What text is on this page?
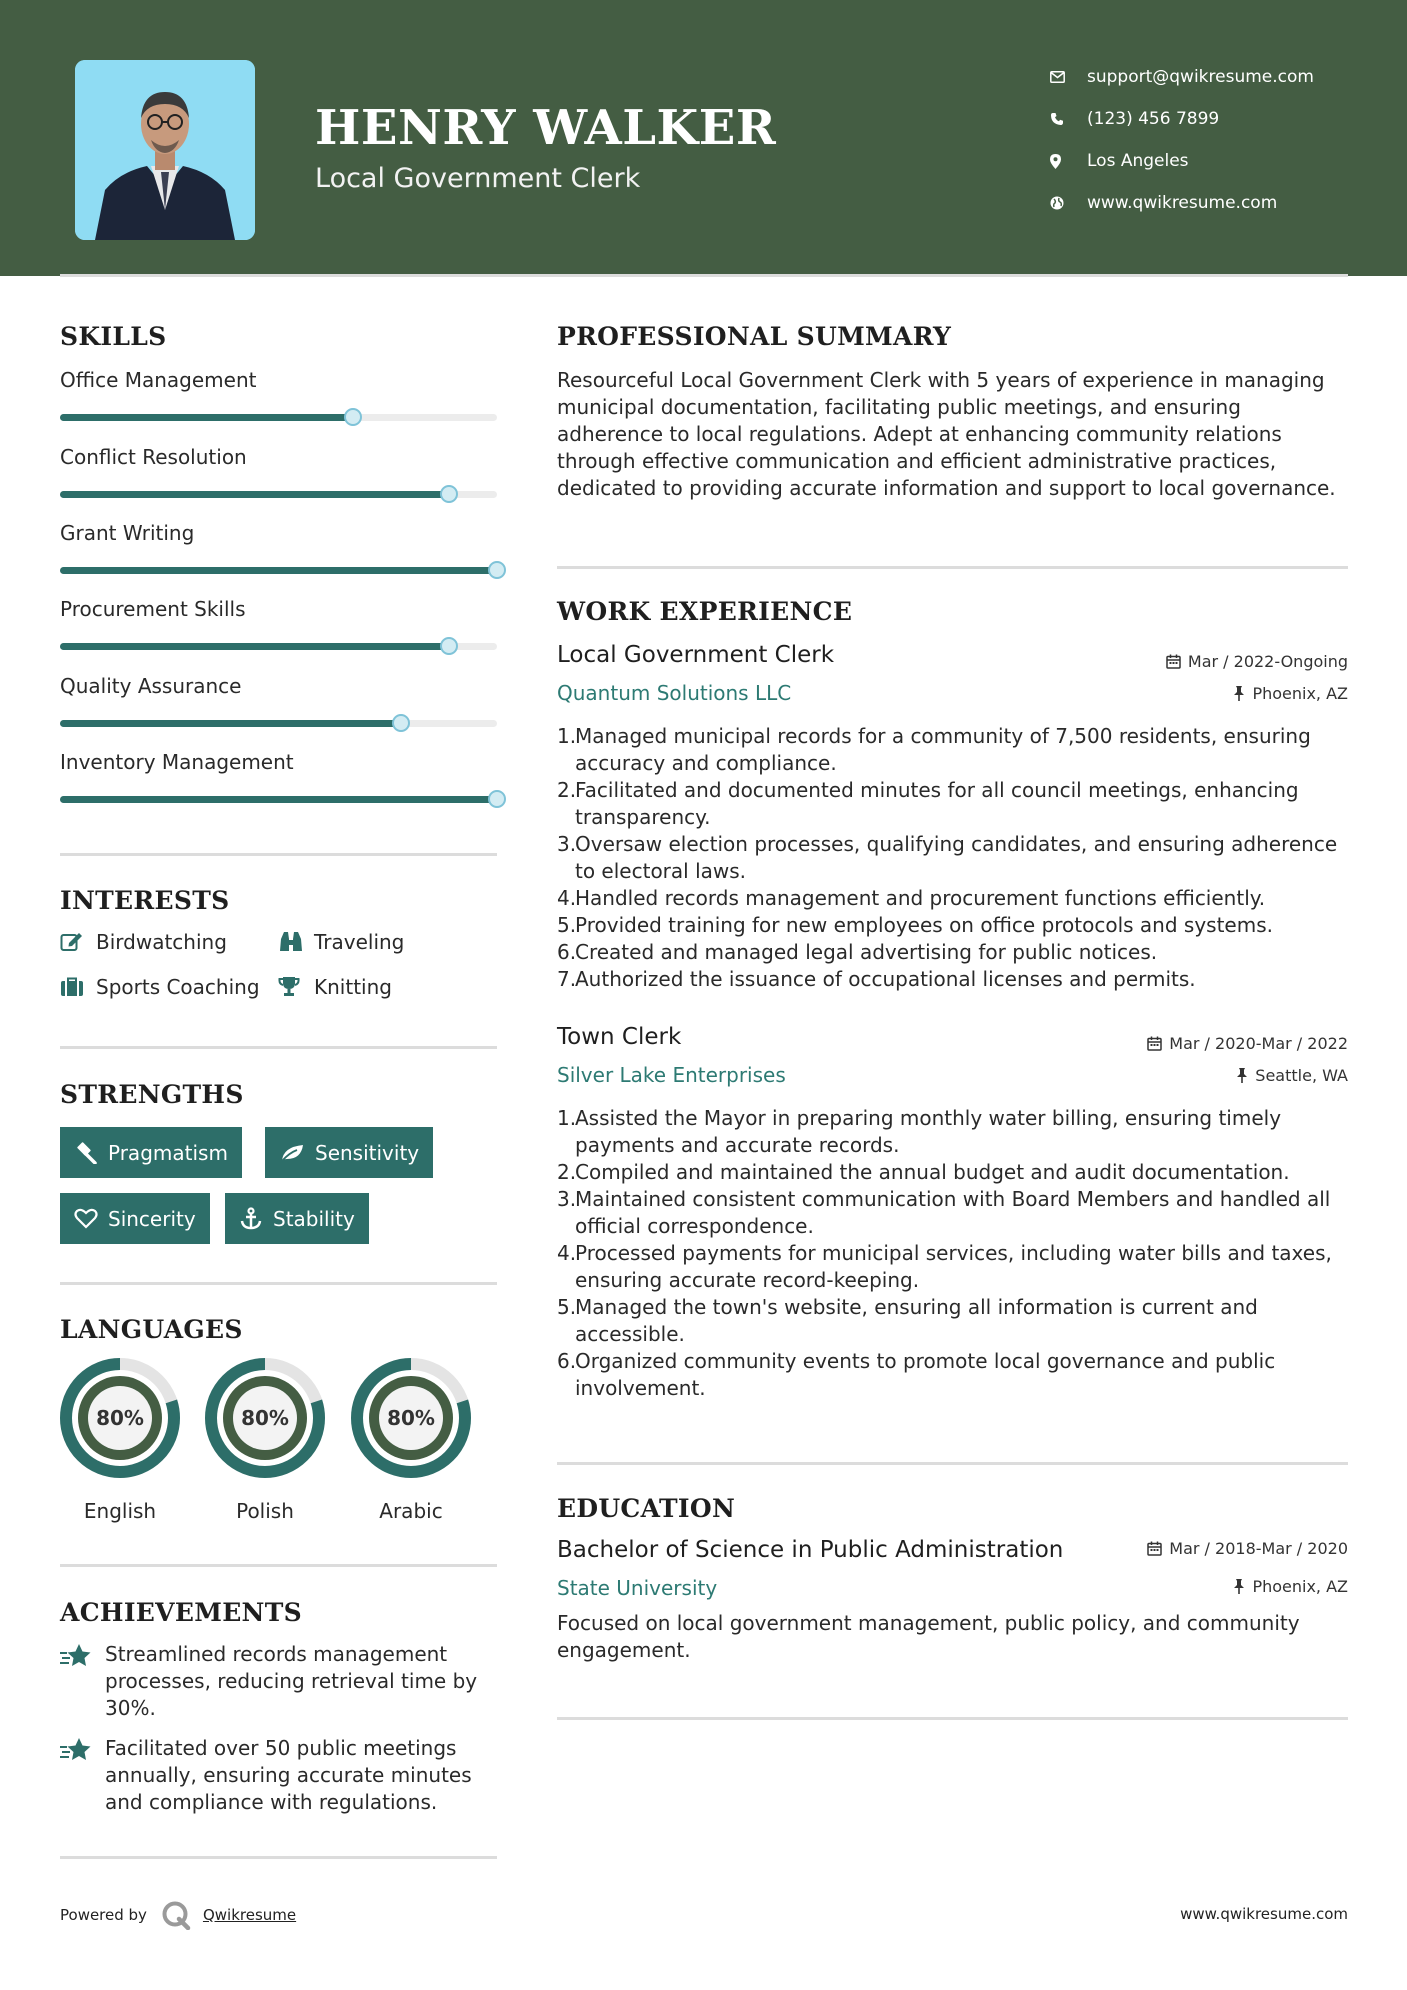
HENRY WALKER
Local Government Clerk
support@qwikresume.com
(123) 456 7899
Los Angeles
www.qwikresume.com
SKILLS
Office Management
Conflict Resolution
Grant Writing
Procurement Skills
Quality Assurance
Inventory Management
INTERESTS
Birdwatching	Traveling
Sports Coaching	Knitting
STRENGTHS
Pragmatism	Sensitivity
Sincerity	Stability
LANGUAGES
80%
English
80%
Polish
80%
Arabic
ACHIEVEMENTS
Streamlined records management processes, reducing retrieval time by 30%.
Facilitated over 50 public meetings annually, ensuring accurate minutes and compliance with regulations.
PROFESSIONAL SUMMARY
Resourceful Local Government Clerk with 5 years of experience in managing municipal documentation, facilitating public meetings, and ensuring adherence to local regulations. Adept at enhancing community relations through effective communication and efficient administrative practices, dedicated to providing accurate information and support to local governance.
WORK EXPERIENCE
Local Government Clerk	Mar / 2022-Ongoing
Quantum Solutions LLC	Phoenix, AZ
1.
Managed municipal records for a community of 7,500 residents, ensuring accuracy and compliance.
2.
Facilitated and documented minutes for all council meetings, enhancing transparency.
3.
Oversaw election processes, qualifying candidates, and ensuring adherence to electoral laws.
4.
Handled records management and procurement functions efficiently.
5.
Provided training for new employees on office protocols and systems.
6.
Created and managed legal advertising for public notices.
7.
Authorized the issuance of occupational licenses and permits.
Town Clerk	Mar / 2020-Mar / 2022
Silver Lake Enterprises	Seattle, WA
1.
Assisted the Mayor in preparing monthly water billing, ensuring timely payments and accurate records.
2.
Compiled and maintained the annual budget and audit documentation.
3.
Maintained consistent communication with Board Members and handled all official correspondence.
4.
Processed payments for municipal services, including water bills and taxes, ensuring accurate record-keeping.
5.
Managed the town's website, ensuring all information is current and accessible.
6.
Organized community events to promote local governance and public involvement.
EDUCATION
Bachelor of Science in Public Administration	Mar / 2018-Mar / 2020
State University	Phoenix, AZ
Focused on local government management, public policy, and community engagement.
Powered by	Qwikresume	www.qwikresume.com
